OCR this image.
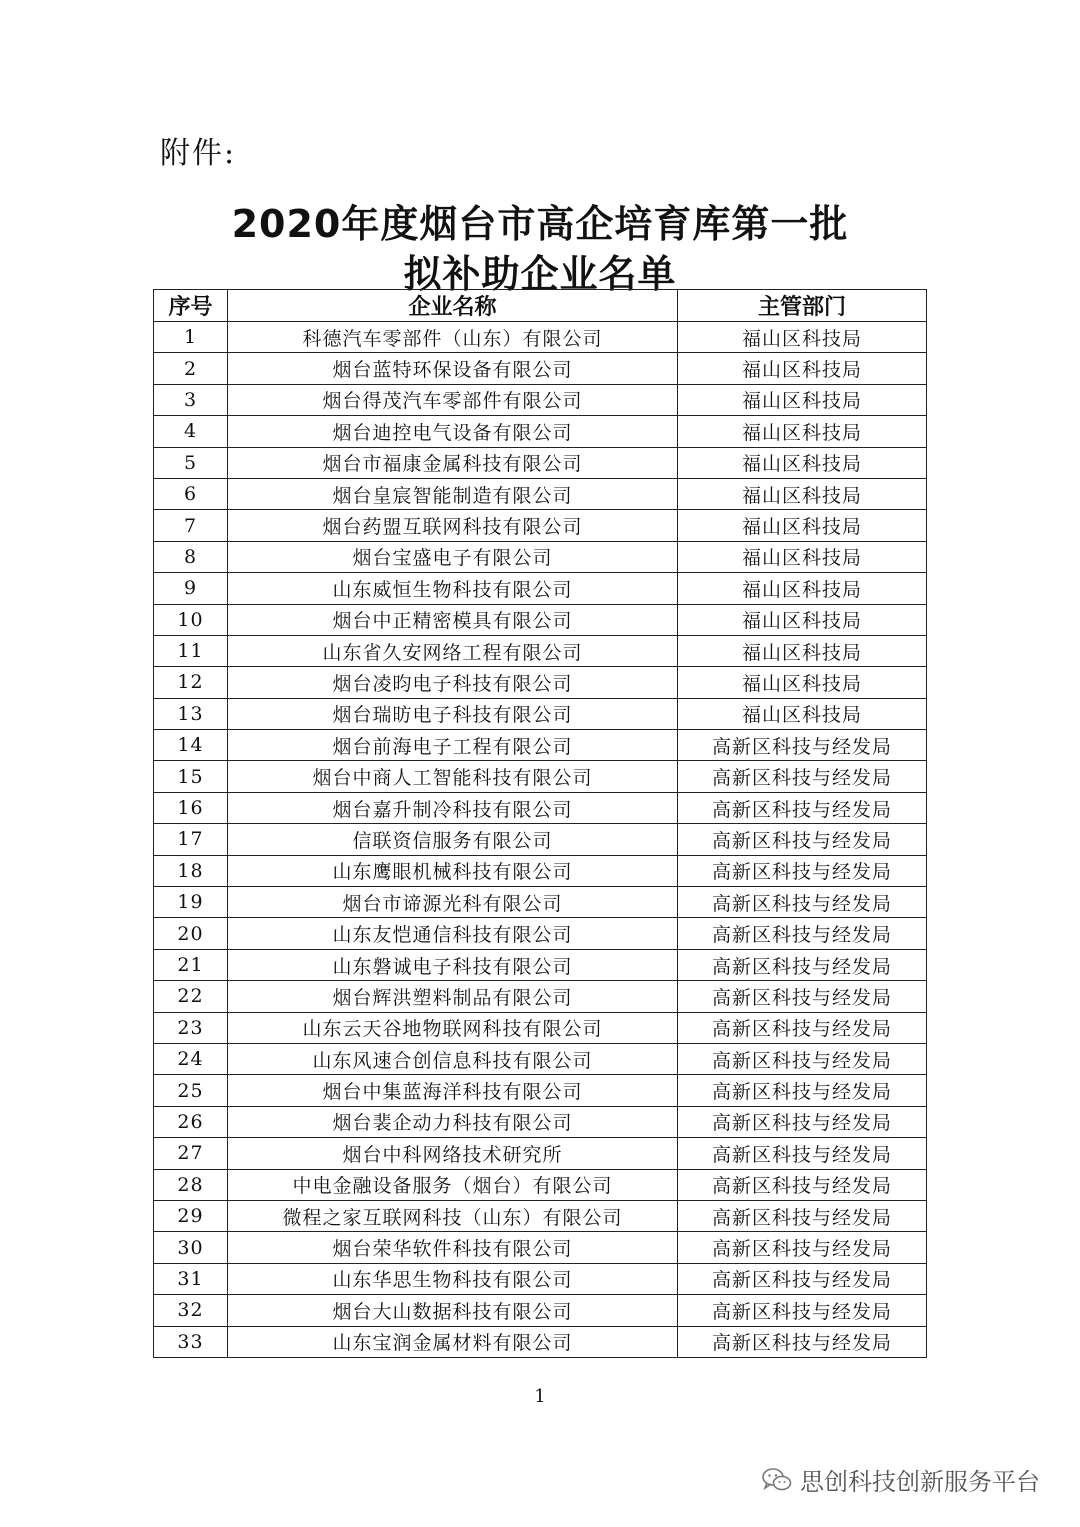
附件:
2020年度烟台市高企培育库第一批
拟补助企业名单
序号	企业名称	主管部门
1	科德汽车零部件（山东）有限公司	福山区科技局
2	烟台蓝特环保设备有限公司	福山区科技局
3	烟台得茂汽车零部件有限公司	福山区科技局
4	烟台迪控电气设备有限公司	福山区科技局
5	烟台市福康金属科技有限公司	福山区科技局
6	烟台皇宸智能制造有限公司	福山区科技局
7	烟台药盟互联网科技有限公司	福山区科技局
8	烟台宝盛电子有限公司	福山区科技局
9	山东威恒生物科技有限公司	福山区科技局
10	烟台中正精密模具有限公司	福山区科技局
11	山东省久安网络工程有限公司	福山区科技局
12	烟台凌昀电子科技有限公司	福山区科技局
13	烟台瑞昉电子科技有限公司	福山区科技局
14	烟台前海电子工程有限公司	高新区科技与经发局
15	烟台中商人工智能科技有限公司	高新区科技与经发局
16	烟台嘉升制冷科技有限公司	高新区科技与经发局
17	信联资信服务有限公司	高新区科技与经发局
18	山东鹰眼机械科技有限公司	高新区科技与经发局
19	烟台市谛源光科有限公司	高新区科技与经发局
20	山东友恺通信科技有限公司	高新区科技与经发局
21	山东磐诚电子科技有限公司	高新区科技与经发局
22	烟台辉洪塑料制品有限公司	高新区科技与经发局
23	山东云天谷地物联网科技有限公司	高新区科技与经发局
24	山东风速合创信息科技有限公司	高新区科技与经发局
25	烟台中集蓝海洋科技有限公司	高新区科技与经发局
26	烟台裴企动力科技有限公司	高新区科技与经发局
27	烟台中科网络技术研究所	高新区科技与经发局
28	中电金融设备服务（烟台）有限公司	高新区科技与经发局
29	微程之家互联网科技（山东）有限公司	高新区科技与经发局
30	烟台荣华软件科技有限公司	高新区科技与经发局
31	山东华思生物科技有限公司	高新区科技与经发局
32	烟台大山数据科技有限公司	高新区科技与经发局
33	山东宝润金属材料有限公司	高新区科技与经发局
1
思创科技创新服务平台
